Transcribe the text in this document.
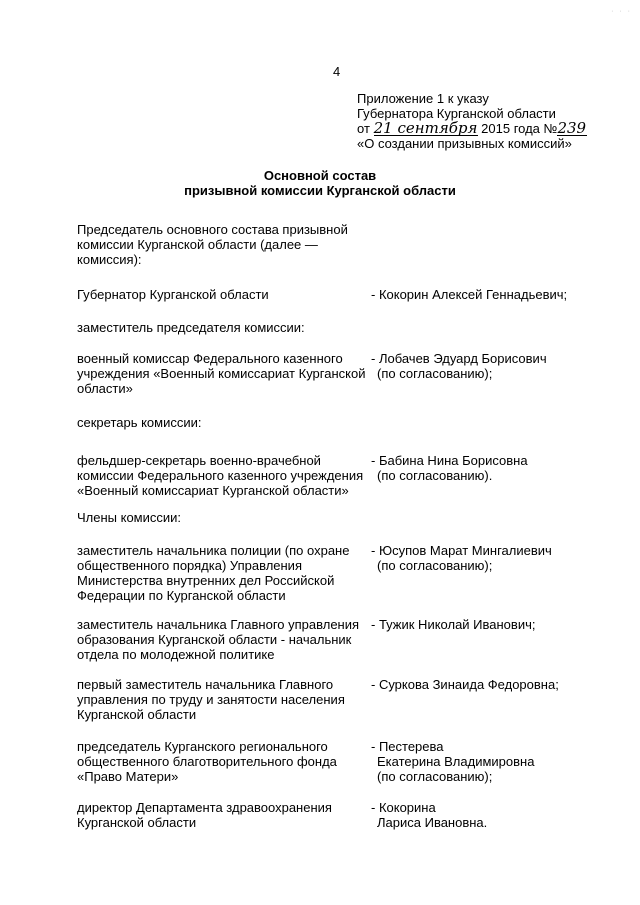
· · ·
4
Приложение 1 к указу
Губернатора Курганской области
от 21 сентября 2015 года №239
«О создании призывных комиссий»
Основной состав
призывной комиссии Курганской области
Председатель основного состава призывной
комиссии Курганской области (далее —
комиссия):
Губернатор Курганской области	- Кокорин Алексей Геннадьевич;
заместитель председателя комиссии:
военный комиссар Федерального казенного
учреждения «Военный комиссариат Курганской
области»
- Лобачев Эдуард Борисович
(по согласованию);
секретарь комиссии:
фельдшер-секретарь военно-врачебной
комиссии Федерального казенного учреждения
«Военный комиссариат Курганской области»
- Бабина Нина Борисовна
(по согласованию).
Члены комиссии:
заместитель начальника полиции (по охране
общественного порядка) Управления
Министерства внутренних дел Российской
Федерации по Курганской области
- Юсупов Марат Мингалиевич
(по согласованию);
заместитель начальника Главного управления
образования Курганской области - начальник
отдела по молодежной политике
- Тужик Николай Иванович;
первый заместитель начальника Главного
управления по труду и занятости населения
Курганской области
- Суркова Зинаида Федоровна;
председатель Курганского регионального
общественного благотворительного фонда
«Право Матери»
- Пестерева
Екатерина Владимировна
(по согласованию);
директор Департамента здравоохранения
Курганской области
- Кокорина
Лариса Ивановна.
